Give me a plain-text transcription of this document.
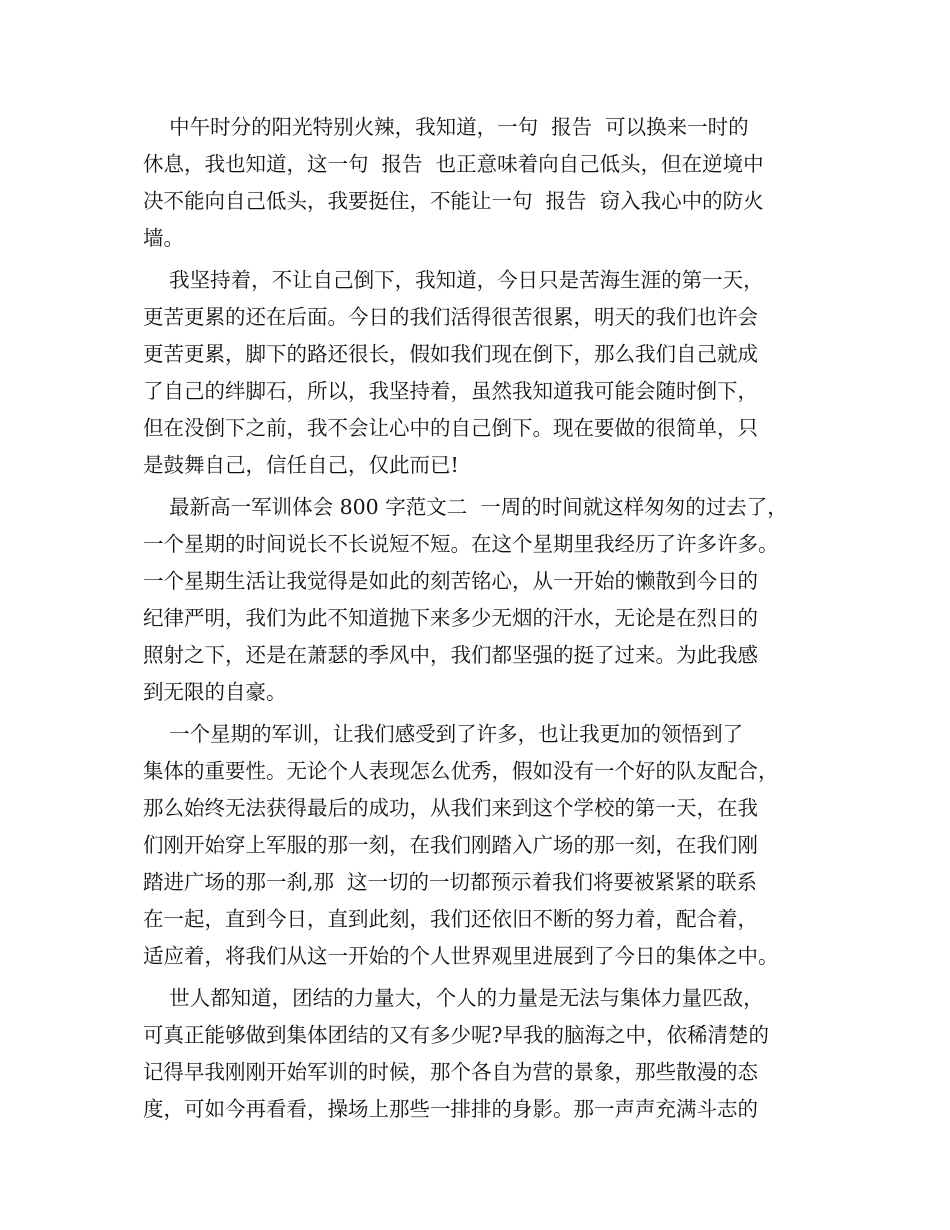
中午时分的阳光特别火辣，我知道，一句  报告  可以换来一时的
休息，我也知道，这一句  报告  也正意味着向自己低头，但在逆境中
决不能向自己低头，我要挺住，不能让一句  报告  窃入我心中的防火
墙。
我坚持着，不让自己倒下，我知道，今日只是苦海生涯的第一天，
更苦更累的还在后面。今日的我们活得很苦很累，明天的我们也许会
更苦更累，脚下的路还很长，假如我们现在倒下，那么我们自己就成
了自己的绊脚石，所以，我坚持着，虽然我知道我可能会随时倒下，
但在没倒下之前，我不会让心中的自己倒下。现在要做的很简单，只
是鼓舞自己，信任自己，仅此而已!
最新高一军训体会 800 字范文二  一周的时间就这样匆匆的过去了，
一个星期的时间说长不长说短不短。在这个星期里我经历了许多许多。
一个星期生活让我觉得是如此的刻苦铭心，从一开始的懒散到今日的
纪律严明，我们为此不知道抛下来多少无烟的汗水，无论是在烈日的
照射之下，还是在萧瑟的季风中，我们都坚强的挺了过来。为此我感
到无限的自豪。
一个星期的军训，让我们感受到了许多，也让我更加的领悟到了
集体的重要性。无论个人表现怎么优秀，假如没有一个好的队友配合，
那么始终无法获得最后的成功，从我们来到这个学校的第一天，在我
们刚开始穿上军服的那一刻，在我们刚踏入广场的那一刻，在我们刚
踏进广场的那一刹,那  这一切的一切都预示着我们将要被紧紧的联系
在一起，直到今日，直到此刻，我们还依旧不断的努力着，配合着，
适应着，将我们从这一开始的个人世界观里进展到了今日的集体之中。
世人都知道，团结的力量大，个人的力量是无法与集体力量匹敌，
可真正能够做到集体团结的又有多少呢?早我的脑海之中，依稀清楚的
记得早我刚刚开始军训的时候，那个各自为营的景象，那些散漫的态
度，可如今再看看，操场上那些一排排的身影。那一声声充满斗志的
